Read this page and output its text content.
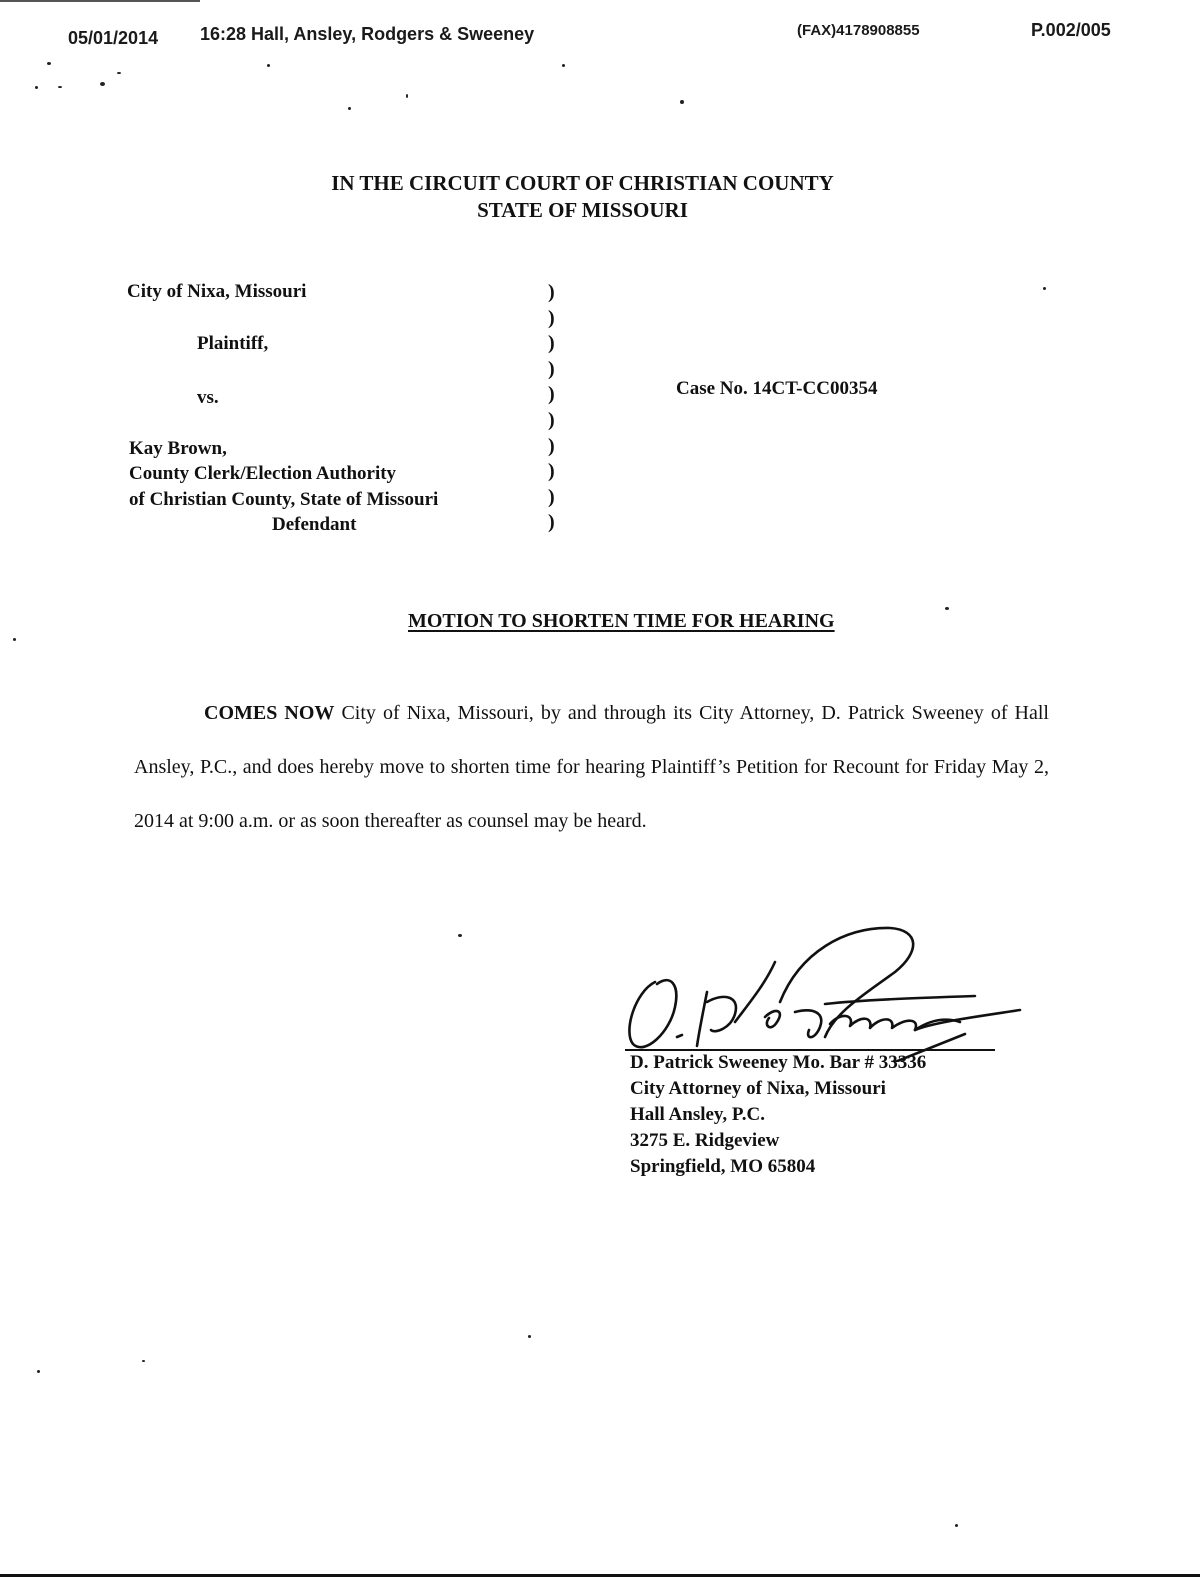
05/01/2014 16:28 Hall, Ansley, Rodgers & Sweeney	(FAX)4178908855	P.002/005
IN THE CIRCUIT COURT OF CHRISTIAN COUNTY
STATE OF MISSOURI
City of Nixa, Missouri
Plaintiff,
vs.
Kay Brown,
County Clerk/Election Authority
of Christian County, State of Missouri
Defendant
)
)
)
)
)
)
)
)
)
)
Case No. 14CT-CC00354
MOTION TO SHORTEN TIME FOR HEARING

COMES NOW City of Nixa, Missouri, by and through its City Attorney, D. Patrick Sweeney of Hall Ansley, P.C., and does hereby move to shorten time for hearing Plaintiff’s Petition for Recount for Friday May 2, 2014 at 9:00 a.m. or as soon thereafter as counsel may be heard.

D. Patrick Sweeney Mo. Bar # 33336
City Attorney of Nixa, Missouri
Hall Ansley, P.C.
3275 E. Ridgeview
Springfield, MO 65804
